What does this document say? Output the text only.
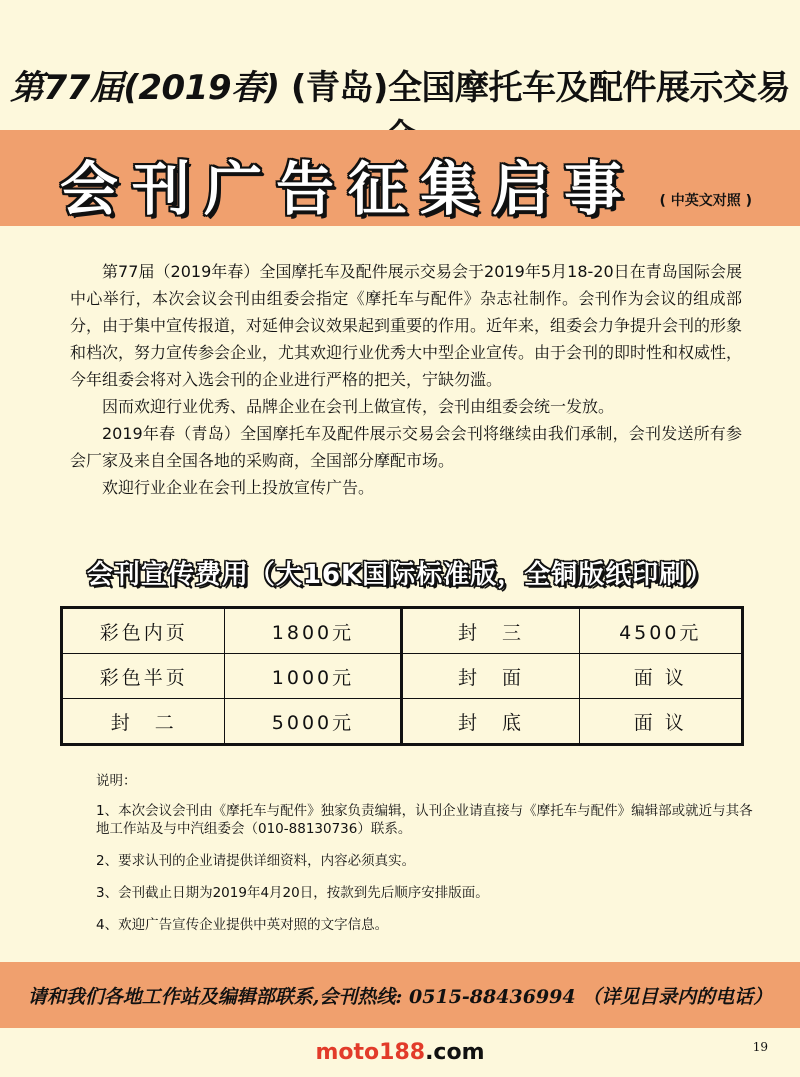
第77届(2019春) (青岛)全国摩托车及配件展示交易
会刊广告征集启事 ( 中英文对照 )

第77届（2019年春）全国摩托车及配件展示交易会于2019年5月18-20日在青岛国际会展中心举行，本次会议会刊由组委会指定《摩托车与配件》杂志社制作。会刊作为会议的组成部分，由于集中宣传报道，对延伸会议效果起到重要的作用。近年来，组委会力争提升会刊的形象和档次，努力宣传参会企业，尤其欢迎行业优秀大中型企业宣传。由于会刊的即时性和权威性，今年组委会将对入选会刊的企业进行严格的把关，宁缺勿滥。

因而欢迎行业优秀、品牌企业在会刊上做宣传，会刊由组委会统一发放。

2019年春（青岛）全国摩托车及配件展示交易会会刊将继续由我们承制，会刊发送所有参会厂家及来自全国各地的采购商，全国部分摩配市场。

欢迎行业企业在会刊上投放宣传广告。

会刊宣传费用（大16K国际标准版，全铜版纸印刷）
彩色内页	1800元	封　三	4500元
彩色半页	1000元	封　面	面 议
封　二	5000元	封　底	面 议

说明：

1、本次会议会刊由《摩托车与配件》独家负责编辑，认刊企业请直接与《摩托车与配件》编辑部或就近与其各地工作站及与中汽组委会（010-88130736）联系。

2、要求认刊的企业请提供详细资料，内容必须真实。

3、会刊截止日期为2019年4月20日，按款到先后顺序安排版面。

4、欢迎广告宣传企业提供中英对照的文字信息。

请和我们各地工作站及编辑部联系,会刊热线: 0515-88436994 （详见目录内的电话）
moto188.com	19
